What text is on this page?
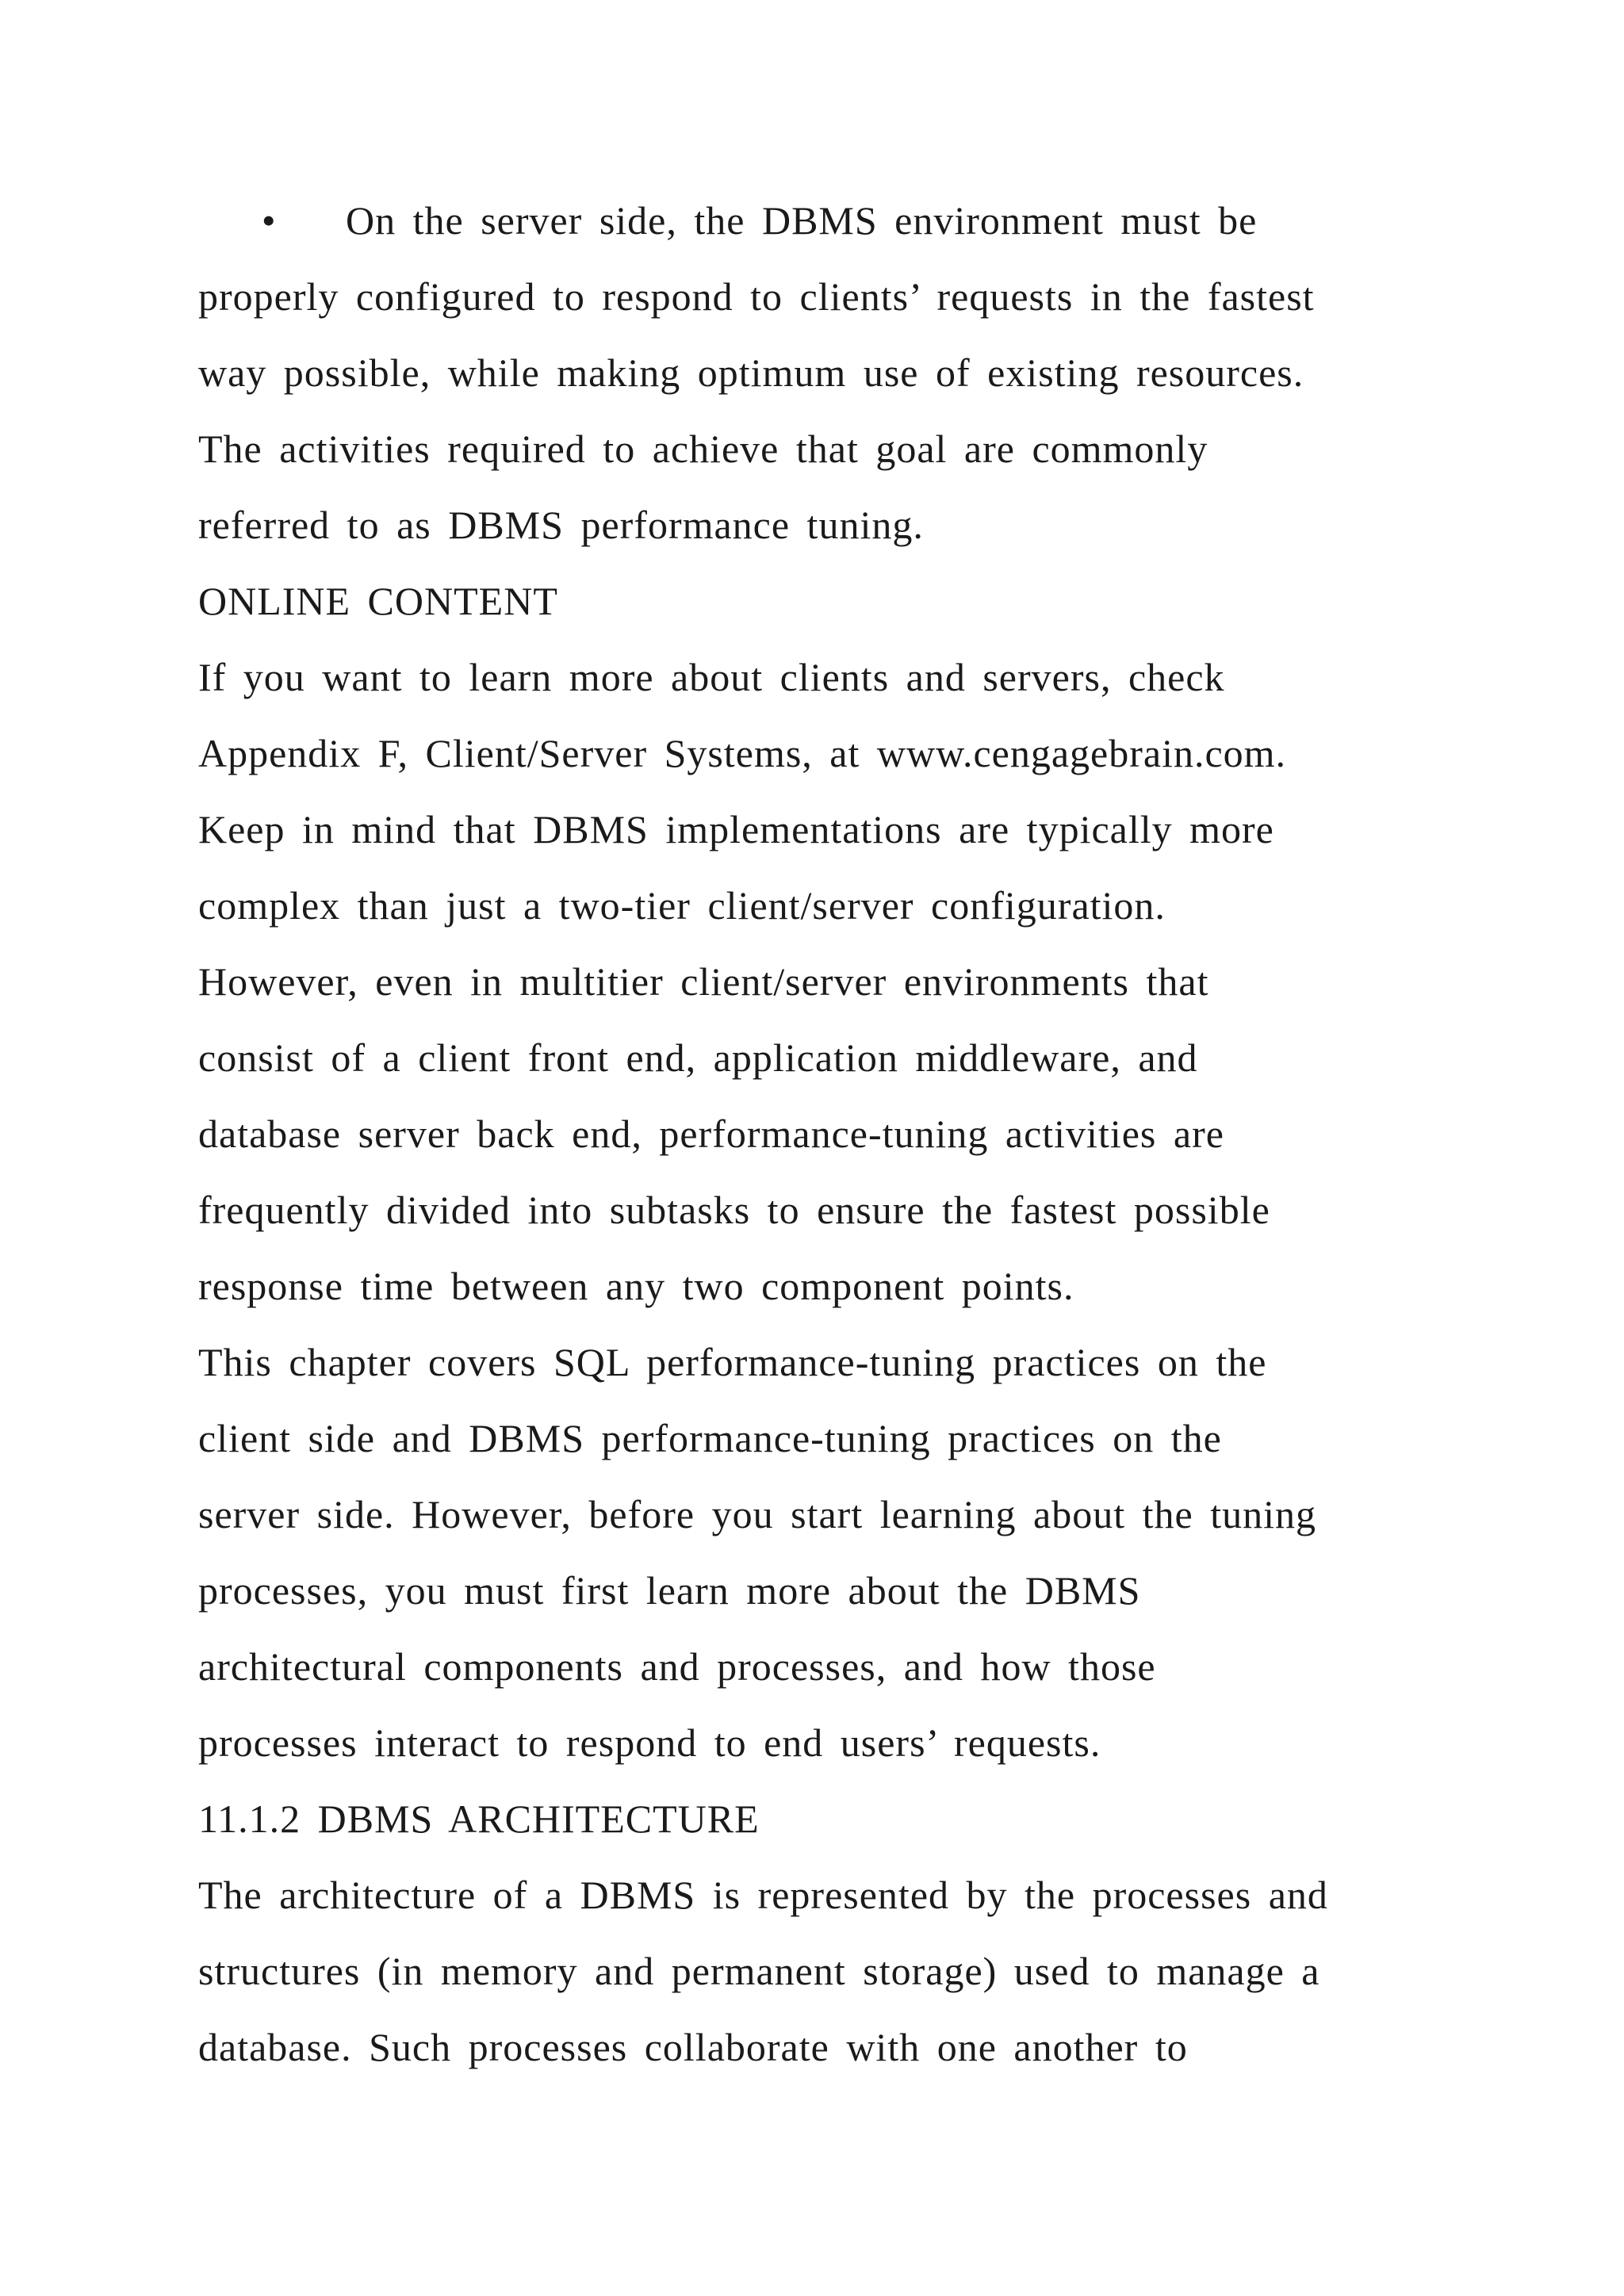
• On the server side, the DBMS environment must be
properly configured to respond to clients’ requests in the fastest
way possible, while making optimum use of existing resources.
The activities required to achieve that goal are commonly
referred to as DBMS performance tuning.
ONLINE CONTENT
If you want to learn more about clients and servers, check
Appendix F, Client/Server Systems, at www.cengagebrain.com.
Keep in mind that DBMS implementations are typically more
complex than just a two-tier client/server configuration.
However, even in multitier client/server environments that
consist of a client front end, application middleware, and
database server back end, performance-tuning activities are
frequently divided into subtasks to ensure the fastest possible
response time between any two component points.
This chapter covers SQL performance-tuning practices on the
client side and DBMS performance-tuning practices on the
server side. However, before you start learning about the tuning
processes, you must first learn more about the DBMS
architectural components and processes, and how those
processes interact to respond to end users’ requests.
11.1.2 DBMS ARCHITECTURE
The architecture of a DBMS is represented by the processes and
structures (in memory and permanent storage) used to manage a
database. Such processes collaborate with one another to
